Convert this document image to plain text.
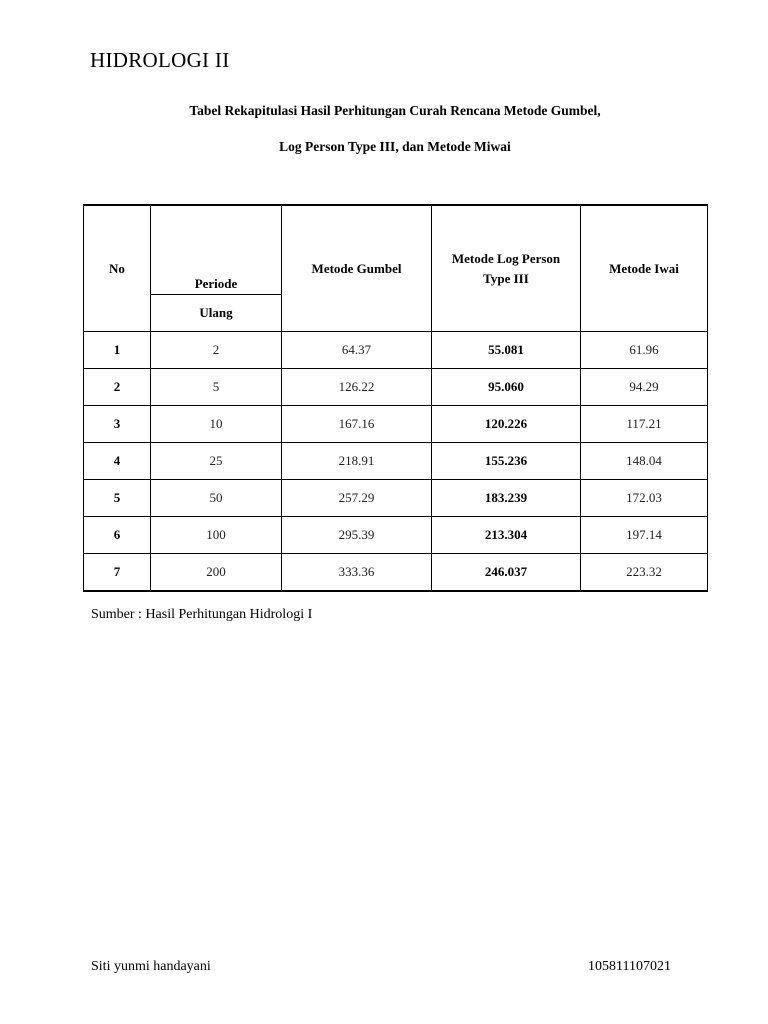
HIDROLOGI II
Tabel Rekapitulasi Hasil Perhitungan Curah Rencana Metode Gumbel,
Log Person Type III, dan Metode Miwai
No	Periode	Metode Gumbel	Metode Log Person Type III	Metode Iwai
	Ulang			
1	2	64.37	55.081	61.96
2	5	126.22	95.060	94.29
3	10	167.16	120.226	117.21
4	25	218.91	155.236	148.04
5	50	257.29	183.239	172.03
6	100	295.39	213.304	197.14
7	200	333.36	246.037	223.32
Sumber : Hasil Perhitungan Hidrologi I
Siti yunmi handayani	105811107021
